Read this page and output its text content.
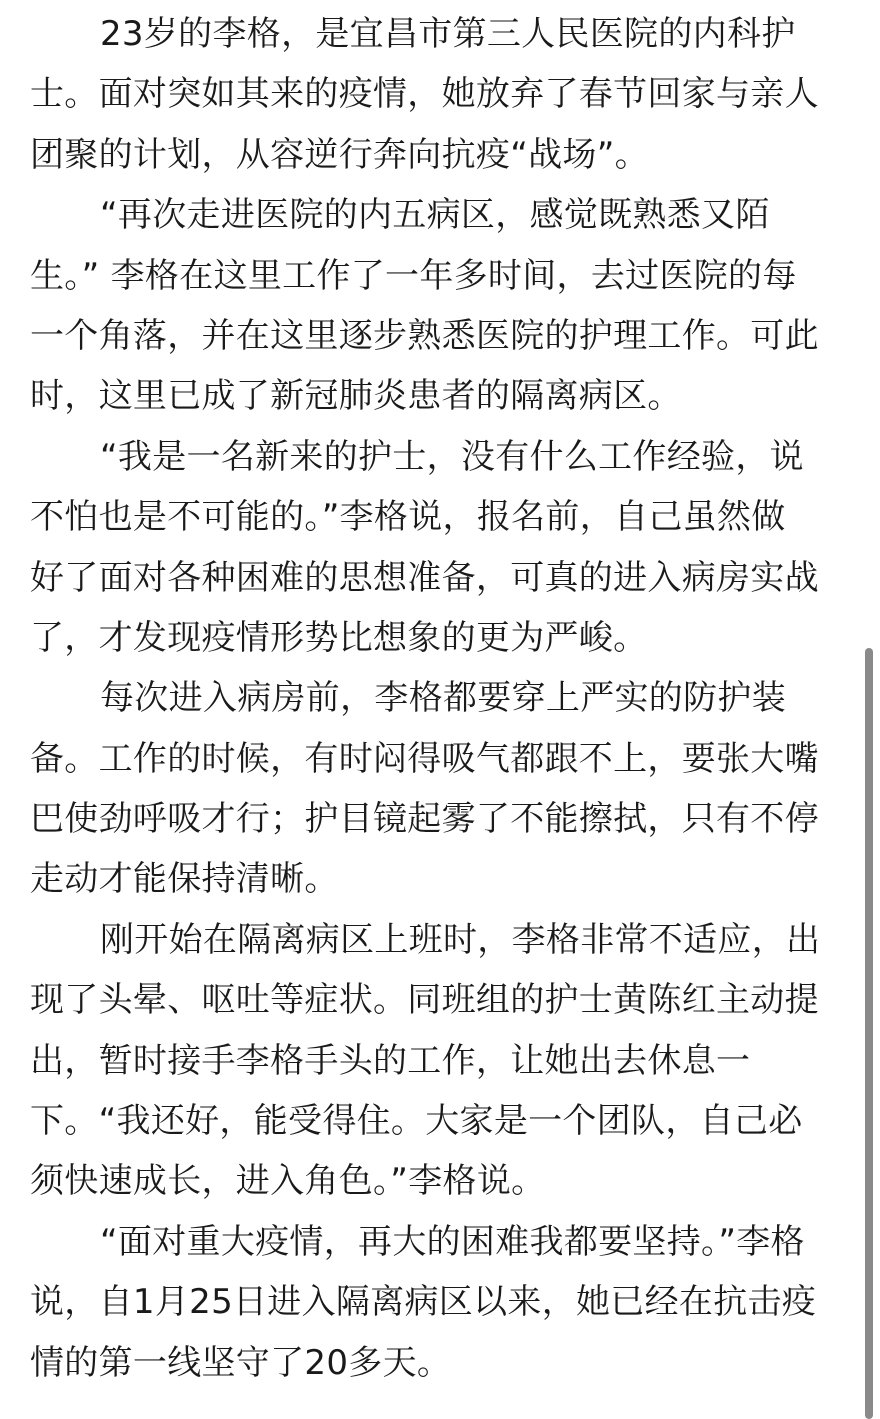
23岁的李格，是宜昌市第三人民医院的内科护
士。面对突如其来的疫情，她放弃了春节回家与亲人
团聚的计划，从容逆行奔向抗疫“战场”。
“再次走进医院的内五病区，感觉既熟悉又陌
生。” 李格在这里工作了一年多时间，去过医院的每
一个角落，并在这里逐步熟悉医院的护理工作。可此
时，这里已成了新冠肺炎患者的隔离病区。
“我是一名新来的护士，没有什么工作经验，说
不怕也是不可能的。”李格说，报名前，自己虽然做
好了面对各种困难的思想准备，可真的进入病房实战
了，才发现疫情形势比想象的更为严峻。
每次进入病房前，李格都要穿上严实的防护装
备。工作的时候，有时闷得吸气都跟不上，要张大嘴
巴使劲呼吸才行；护目镜起雾了不能擦拭，只有不停
走动才能保持清晰。
刚开始在隔离病区上班时，李格非常不适应，出
现了头晕、呕吐等症状。同班组的护士黄陈红主动提
出，暂时接手李格手头的工作，让她出去休息一
下。“我还好，能受得住。大家是一个团队，自己必
须快速成长，进入角色。”李格说。
“面对重大疫情，再大的困难我都要坚持。”李格
说，自1月25日进入隔离病区以来，她已经在抗击疫
情的第一线坚守了20多天。
